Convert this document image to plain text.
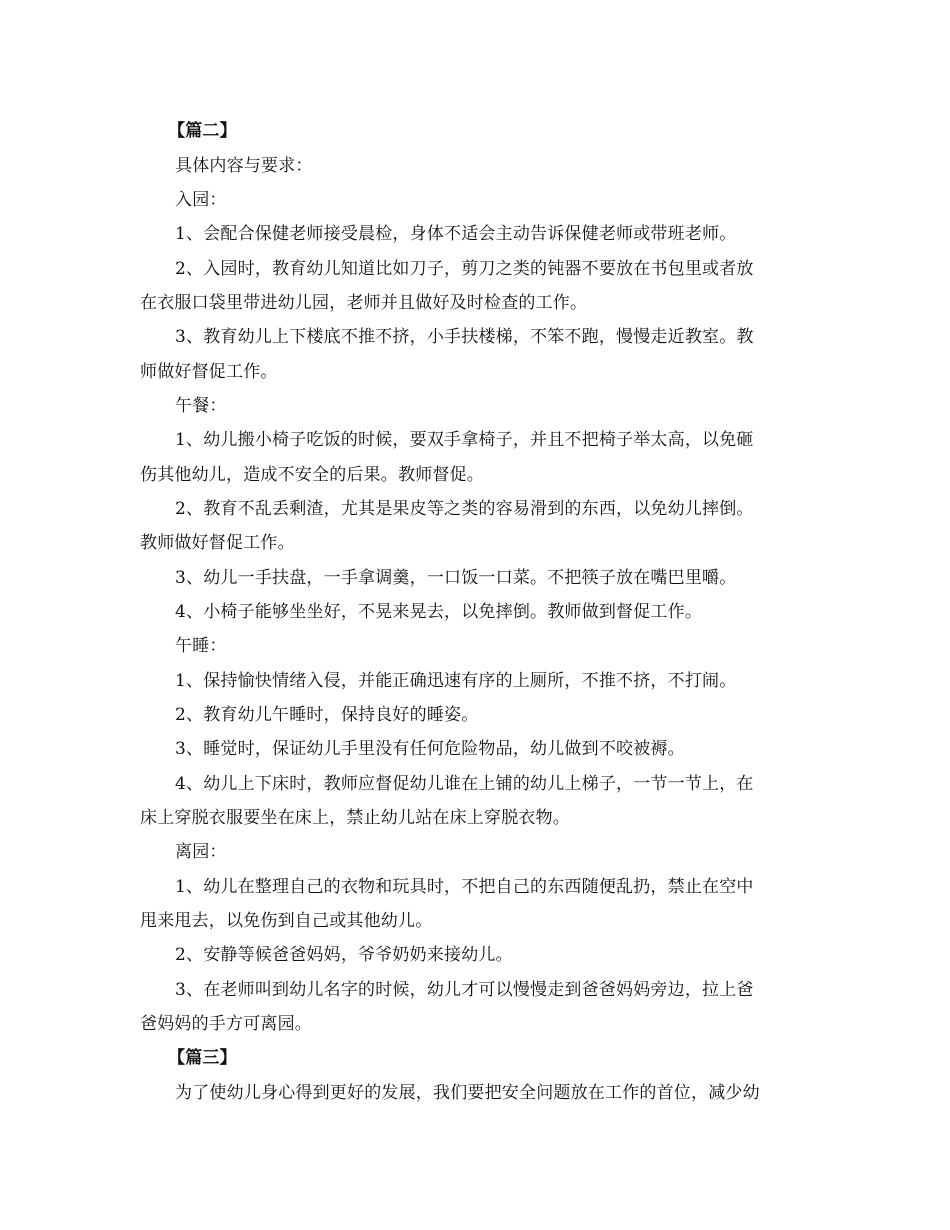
【篇二】
具体内容与要求：
入园：
1、会配合保健老师接受晨检，身体不适会主动告诉保健老师或带班老师。
2、入园时，教育幼儿知道比如刀子，剪刀之类的钝器不要放在书包里或者放
在衣服口袋里带进幼儿园，老师并且做好及时检查的工作。
3、教育幼儿上下楼底不推不挤，小手扶楼梯，不笨不跑，慢慢走近教室。教
师做好督促工作。
午餐：
1、幼儿搬小椅子吃饭的时候，要双手拿椅子，并且不把椅子举太高，以免砸
伤其他幼儿，造成不安全的后果。教师督促。
2、教育不乱丢剩渣，尤其是果皮等之类的容易滑到的东西，以免幼儿摔倒。
教师做好督促工作。
3、幼儿一手扶盘，一手拿调羹，一口饭一口菜。不把筷子放在嘴巴里嚼。
4、小椅子能够坐坐好，不晃来晃去，以免摔倒。教师做到督促工作。
午睡：
1、保持愉快情绪入侵，并能正确迅速有序的上厕所，不推不挤，不打闹。
2、教育幼儿午睡时，保持良好的睡姿。
3、睡觉时，保证幼儿手里没有任何危险物品，幼儿做到不咬被褥。
4、幼儿上下床时，教师应督促幼儿谁在上铺的幼儿上梯子，一节一节上，在
床上穿脱衣服要坐在床上，禁止幼儿站在床上穿脱衣物。
离园：
1、幼儿在整理自己的衣物和玩具时，不把自己的东西随便乱扔，禁止在空中
甩来甩去，以免伤到自己或其他幼儿。
2、安静等候爸爸妈妈，爷爷奶奶来接幼儿。
3、在老师叫到幼儿名字的时候，幼儿才可以慢慢走到爸爸妈妈旁边，拉上爸
爸妈妈的手方可离园。
【篇三】
为了使幼儿身心得到更好的发展，我们要把安全问题放在工作的首位，减少幼
